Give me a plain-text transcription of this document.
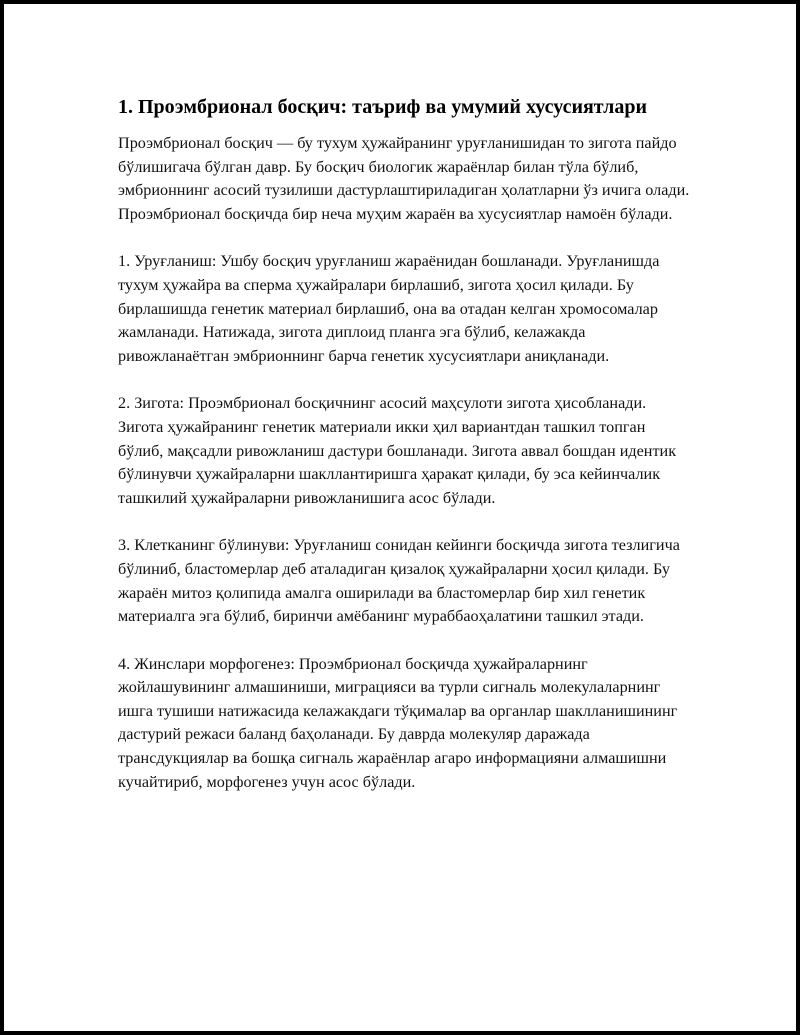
1. Проэмбрионал босқич: таъриф ва умумий хусусиятлари

Проэмбрионал босқич — бу тухум ҳужайранинг уруғланишидан то зигота пайдо бўлишигача бўлган давр. Бу босқич биологик жараёнлар билан тўла бўлиб, эмбрионнинг асосий тузилиши дастурлаштириладиган ҳолатларни ўз ичига олади. Проэмбрионал босқичда бир неча муҳим жараён ва хусусиятлар намоён бўлади.

1. Уруғланиш: Ушбу босқич уруғланиш жараёнидан бошланади. Уруғланишда тухум ҳужайра ва сперма ҳужайралари бирлашиб, зигота ҳосил қилади. Бу бирлашишда генетик материал бирлашиб, она ва отадан келган хромосомалар жамланади. Натижада, зигота диплоид планга эга бўлиб, келажакда ривожланаётган эмбрионнинг барча генетик хусусиятлари аниқланади.

2. Зигота: Проэмбрионал босқичнинг асосий маҳсулоти зигота ҳисобланади. Зигота ҳужайранинг генетик материали икки ҳил вариантдан ташкил топган бўлиб, мақсадли ривожланиш дастури бошланади. Зигота аввал бошдан идентик бўлинувчи ҳужайраларни шакллантиришга ҳаракат қилади, бу эса кейинчалик ташкилий ҳужайраларни ривожланишига асос бўлади.

3. Клетканинг бўлинуви: Уруғланиш сонидан кейинги босқичда зигота тезлигича бўлиниб, бластомерлар деб аталадиган қизалоқ ҳужайраларни ҳосил қилади. Бу жараён митоз қолипида амалга оширилади ва бластомерлар бир хил генетик материалга эга бўлиб, биринчи амёбанинг мураббаоҳалатини ташкил этади.

4. Жинслари морфогенез: Проэмбрионал босқичда ҳужайраларнинг жойлашувининг алмашиниши, миграцияси ва турли сигналь молекулаларнинг ишга тушиши натижасида келажакдаги тўқималар ва органлар шаклланишининг дастурий режаси баланд баҳоланади. Бу даврда молекуляр даражада трансдукциялар ва бошқа сигналь жараёнлар агаро информацияни алмашишни кучайтириб, морфогенез учун асос бўлади.
